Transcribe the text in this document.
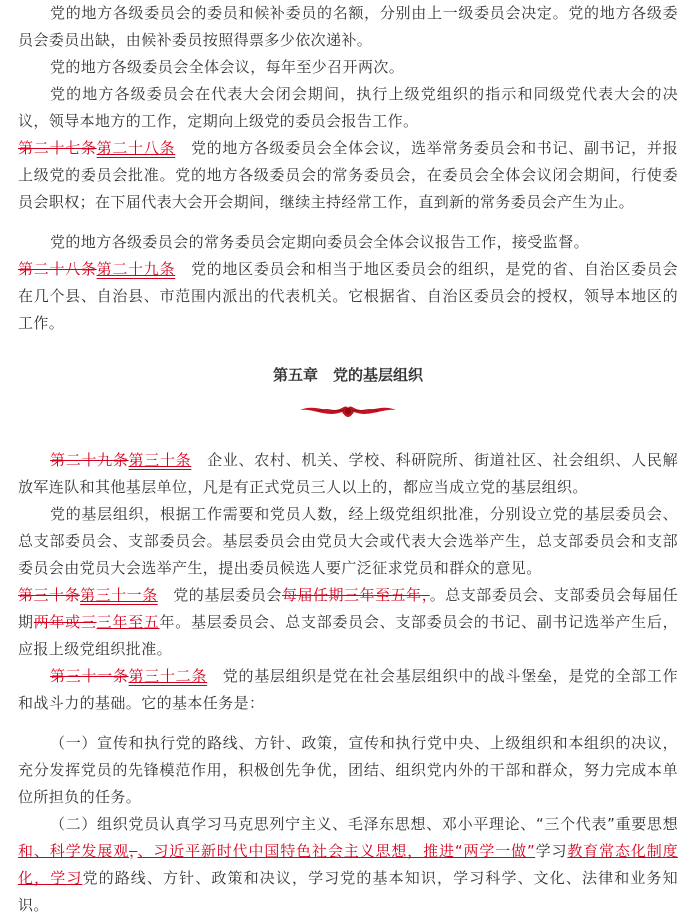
党的地方各级委员会的委员和候补委员的名额，分别由上一级委员会决定。党的地方各级委员会委员出缺，由候补委员按照得票多少依次递补。

党的地方各级委员会全体会议，每年至少召开两次。

党的地方各级委员会在代表大会闭会期间，执行上级党组织的指示和同级党代表大会的决议，领导本地方的工作，定期向上级党的委员会报告工作。

第二十七条第二十八条　党的地方各级委员会全体会议，选举常务委员会和书记、副书记，并报上级党的委员会批准。党的地方各级委员会的常务委员会，在委员会全体会议闭会期间，行使委员会职权；在下届代表大会开会期间，继续主持经常工作，直到新的常务委员会产生为止。

党的地方各级委员会的常务委员会定期向委员会全体会议报告工作，接受监督。

第二十八条第二十九条　党的地区委员会和相当于地区委员会的组织，是党的省、自治区委员会在几个县、自治县、市范围内派出的代表机关。它根据省、自治区委员会的授权，领导本地区的工作。

第五章　党的基层组织

第二十九条第三十条　企业、农村、机关、学校、科研院所、街道社区、社会组织、人民解放军连队和其他基层单位，凡是有正式党员三人以上的，都应当成立党的基层组织。

党的基层组织，根据工作需要和党员人数，经上级党组织批准，分别设立党的基层委员会、总支部委员会、支部委员会。基层委员会由党员大会或代表大会选举产生，总支部委员会和支部委员会由党员大会选举产生，提出委员候选人要广泛征求党员和群众的意见。

第三十条第三十一条　党的基层委员会每届任期三年至五年，。总支部委员会、支部委员会每届任期两年或三三年至五年。基层委员会、总支部委员会、支部委员会的书记、副书记选举产生后，应报上级党组织批准。

第三十一条第三十二条　党的基层组织是党在社会基层组织中的战斗堡垒，是党的全部工作和战斗力的基础。它的基本任务是：

（一）宣传和执行党的路线、方针、政策，宣传和执行党中央、上级组织和本组织的决议，充分发挥党员的先锋模范作用，积极创先争优，团结、组织党内外的干部和群众，努力完成本单位所担负的任务。

（二）组织党员认真学习马克思列宁主义、毛泽东思想、邓小平理论、“三个代表”重要思想和、科学发展观，、习近平新时代中国特色社会主义思想，推进“两学一做”学习教育常态化制度化，学习党的路线、方针、政策和决议，学习党的基本知识，学习科学、文化、法律和业务知识。
